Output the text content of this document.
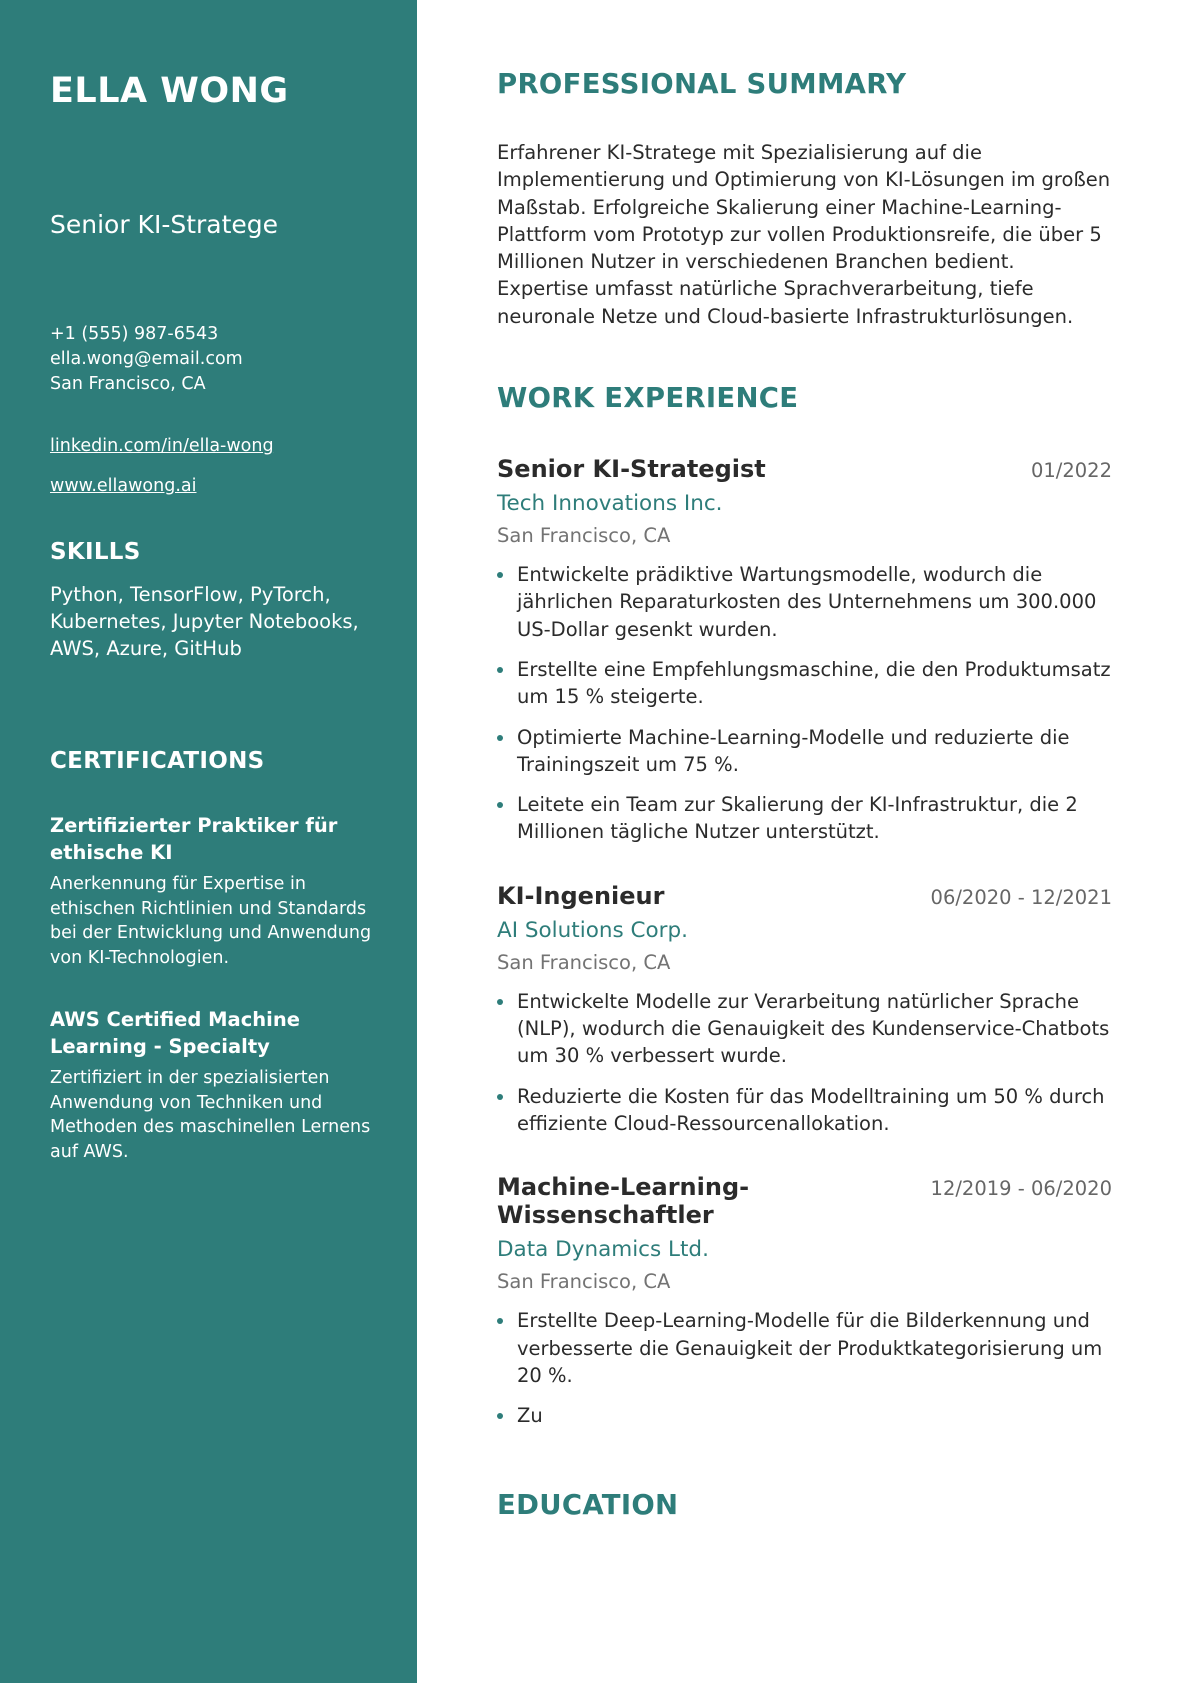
ELLA WONG
Senior KI-Stratege
+1 (555) 987-6543
ella.wong@email.com
San Francisco, CA
linkedin.com/in/ella-wong
www.ellawong.ai
SKILLS
Python, TensorFlow, PyTorch, Kubernetes, Jupyter Notebooks, AWS, Azure, GitHub
CERTIFICATIONS
Zertifizierter Praktiker für ethische KI
Anerkennung für Expertise in ethischen Richtlinien und Standards bei der Entwicklung und Anwendung von KI-Technologien.
AWS Certified Machine Learning - Specialty
Zertifiziert in der spezialisierten Anwendung von Techniken und Methoden des maschinellen Lernens auf AWS.
PROFESSIONAL SUMMARY
Erfahrener KI-Stratege mit Spezialisierung auf die Implementierung und Optimierung von KI-Lösungen im großen Maßstab. Erfolgreiche Skalierung einer Machine-Learning-Plattform vom Prototyp zur vollen Produktionsreife, die über 5 Millionen Nutzer in verschiedenen Branchen bedient. Expertise umfasst natürliche Sprachverarbeitung, tiefe neuronale Netze und Cloud-basierte Infrastrukturlösungen.
WORK EXPERIENCE
Senior KI-Strategist	01/2022
Tech Innovations Inc.
San Francisco, CA
Entwickelte prädiktive Wartungsmodelle, wodurch die jährlichen Reparaturkosten des Unternehmens um 300.000 US-Dollar gesenkt wurden.
Erstellte eine Empfehlungsmaschine, die den Produktumsatz um 15 % steigerte.
Optimierte Machine-Learning-Modelle und reduzierte die Trainingszeit um 75 %.
Leitete ein Team zur Skalierung der KI-Infrastruktur, die 2 Millionen tägliche Nutzer unterstützt.
KI-Ingenieur	06/2020 - 12/2021
AI Solutions Corp.
San Francisco, CA
Entwickelte Modelle zur Verarbeitung natürlicher Sprache (NLP), wodurch die Genauigkeit des Kundenservice-Chatbots um 30 % verbessert wurde.
Reduzierte die Kosten für das Modelltraining um 50 % durch effiziente Cloud-Ressourcenallokation.
Machine-Learning-Wissenschaftler
12/2019 - 06/2020
Data Dynamics Ltd.
San Francisco, CA
Erstellte Deep-Learning-Modelle für die Bilderkennung und verbesserte die Genauigkeit der Produktkategorisierung um 20 %.
Zu
EDUCATION
